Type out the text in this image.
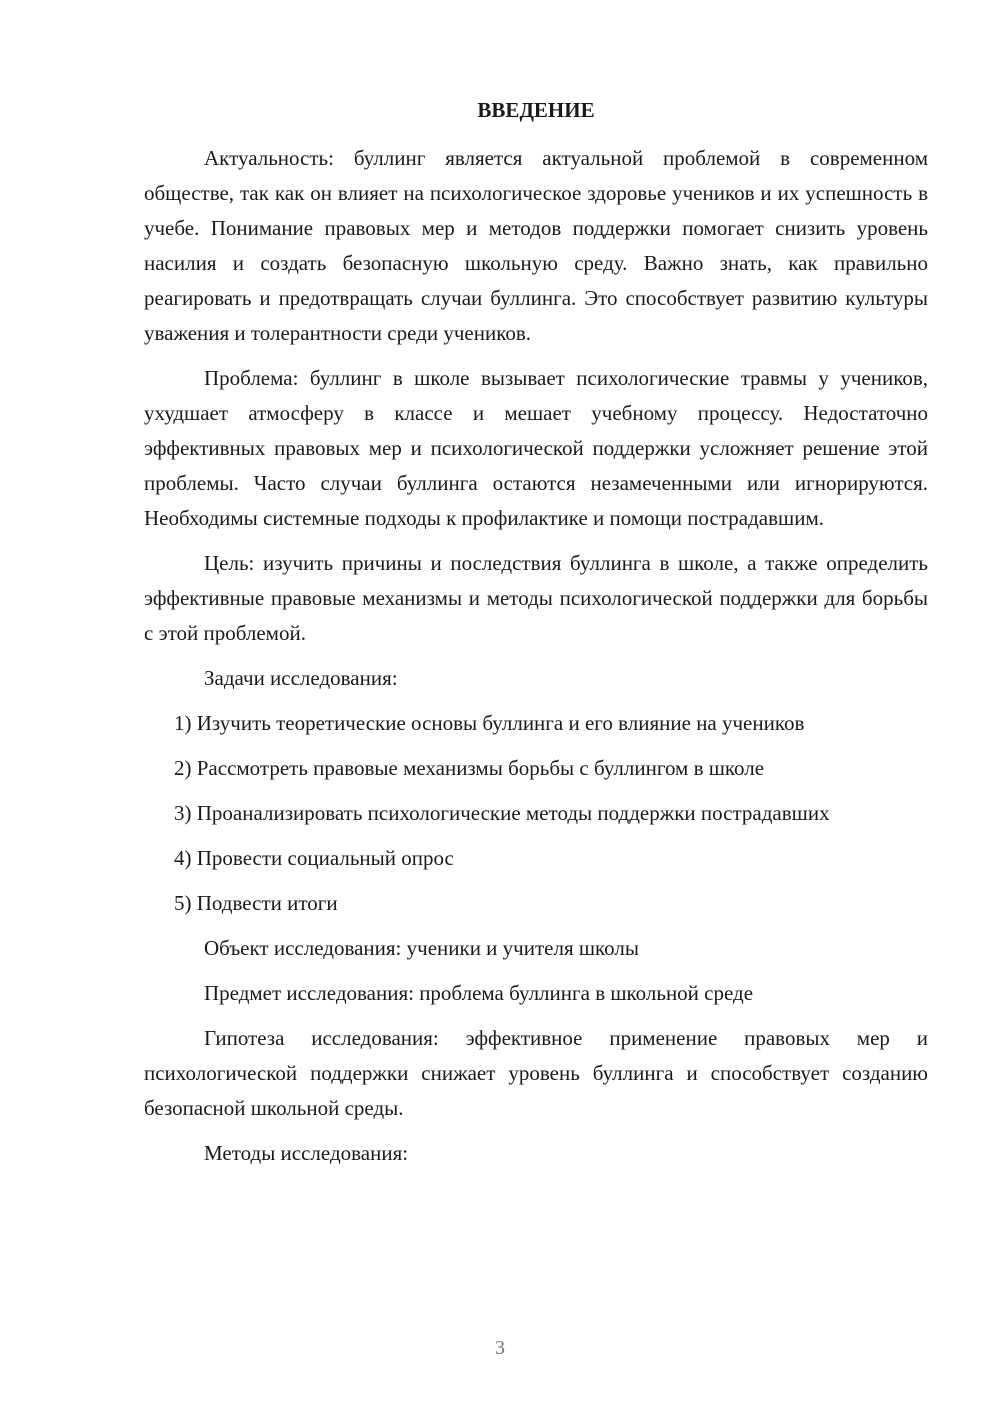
ВВЕДЕНИЕ

Актуальность: буллинг является актуальной проблемой в современном обществе, так как он влияет на психологическое здоровье учеников и их успешность в учебе. Понимание правовых мер и методов поддержки помогает снизить уровень насилия и создать безопасную школьную среду. Важно знать, как правильно реагировать и предотвращать случаи буллинга. Это способствует развитию культуры уважения и толерантности среди учеников.

Проблема: буллинг в школе вызывает психологические травмы у учеников, ухудшает атмосферу в классе и мешает учебному процессу. Недостаточно эффективных правовых мер и психологической поддержки усложняет решение этой проблемы. Часто случаи буллинга остаются незамеченными или игнорируются. Необходимы системные подходы к профилактике и помощи пострадавшим.

Цель: изучить причины и последствия буллинга в школе, а также определить эффективные правовые механизмы и методы психологической поддержки для борьбы с этой проблемой.

Задачи исследования:

1) Изучить теоретические основы буллинга и его влияние на учеников

2) Рассмотреть правовые механизмы борьбы с буллингом в школе

3) Проанализировать психологические методы поддержки пострадавших

4) Провести социальный опрос

5) Подвести итоги

Объект исследования: ученики и учителя школы

Предмет исследования: проблема буллинга в школьной среде

Гипотеза исследования: эффективное применение правовых мер и психологической поддержки снижает уровень буллинга и способствует созданию безопасной школьной среды.

Методы исследования:

3
